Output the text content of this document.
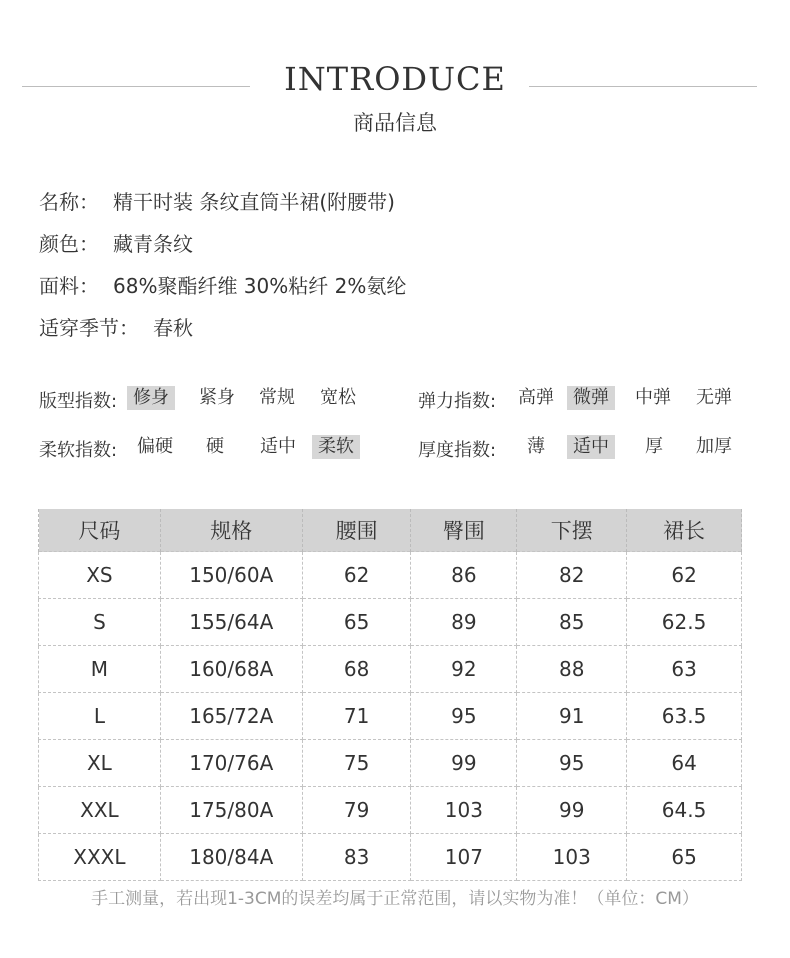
INTRODUCE
商品信息
名称： 精干时装 条纹直筒半裙(附腰带)
颜色： 藏青条纹
面料： 68%聚酯纤维 30%粘纤 2%氨纶
适穿季节： 春秋
版型指数: 修身	紧身 常规 宽松	弹力指数: 高弹	微弹	中弹 无弹
柔软指数: 偏硬 硬 适中	柔软	厚度指数: 薄	适中	厚 加厚
尺码	规格	腰围	臀围	下摆	裙长
XS	150/60A	62	86	82	62
S	155/64A	65	89	85	62.5
M	160/68A	68	92	88	63
L	165/72A	71	95	91	63.5
XL	170/76A	75	99	95	64
XXL	175/80A	79	103	99	64.5
XXXL	180/84A	83	107	103	65
手工测量，若出现1-3CM的误差均属于正常范围，请以实物为准！（单位：CM）
